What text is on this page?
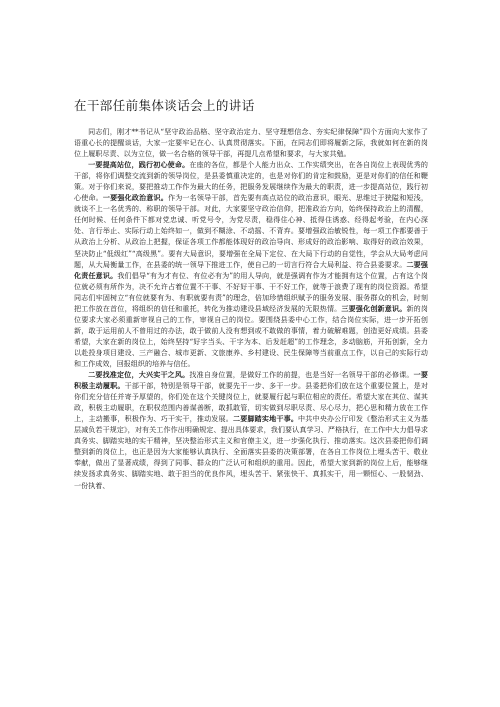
在干部任前集体谈话会上的讲话

同志们，刚才**书记从“坚守政治品格、坚守政治定力、坚守理想信念、夯实纪律保障”四个方面向大家作了语重心长的提醒谈话，大家一定要牢记在心、认真贯彻落实。下面，在同志们即将履新之际，我就如何在新的岗位上履职尽责、以为立位，做一名合格的领导干部，再提几点希望和要求，与大家共勉。

一要提高站位，践行初心使命。在座的各位，都是个人能力出众、工作实绩突出，在各自岗位上表现优秀的干部，将你们调整交流到新的领导岗位，是县委慎重决定的，也是对你们的肯定和鼓励，更是对你们的信任和鞭策。对于你们来说，要把推动工作作为最大的任务，把服务发展继续作为最大的职责，进一步提高站位，践行初心使命。一要强化政治意识。作为一名领导干部，首先要有高点站位的政治意识，眼光、思维过于狭隘和短浅，就谈不上一名优秀的、称职的领导干部。对此，大家要坚守政治信仰，把准政治方向，始终保持政治上的清醒，任何时候、任何条件下都对党忠诚、听党号令，为党尽责，稳得住心神、抵得住诱惑、经得起考验，在内心深处、言行举止、实际行动上始终如一，做到不糊涂、不动摇、不背弃。要增强政治敏锐性，每一项工作都要善于从政治上分析、从政治上把握，保证各项工作都能体现好的政治导向、形成好的政治影响、取得好的政治效果，坚决防止“低级红”“高级黑”。要有大局意识，要增强在全局下定位、在大局下行动的自觉性，学会从大局考虑问题，从大局衡量工作，在县委的统一领导下推进工作，使自己的一切言行符合大局利益、符合县委要求。二要强化责任意识。我们倡导“有为才有位、有位必有为”的用人导向，就是强调有作为才能拥有这个位置，占有这个岗位就必须有所作为，决不允许占着位置不干事、不好好干事、干不好工作，就等于浪费了现有的岗位资源。希望同志们牢固树立“有位就要有为、有职就要有责”的理念，倍加珍惜组织赋予的服务发展、服务群众的机会，时刻把工作放在首位，将组织的信任和重托，转化为推动建设县域经济发展的无限热情。三要强化创新意识。新的岗位要求大家必须重新审视自己的工作，审视自己的岗位。要围绕县委中心工作，结合岗位实际，进一步开拓创新，敢于运用前人不曾用过的办法，敢于做前人没有想到或不敢做的事情，着力破解难题，创造更好成绩。县委希望，大家在新的岗位上，始终坚持“好字当头、干字为本、后发赶超”的工作理念，多动脑筋，开拓创新，全力以赴投身项目建设、三产融合、城市更新、文旅康养、乡村建设、民生保障等当前重点工作，以自己的实际行动和工作成效，回报组织的培养与信任。

二要找准定位，大兴实干之风。找准自身位置，是做好工作的前提，也是当好一名领导干部的必修课。一要积极主动履职。干部干部，特别是领导干部，就要先干一步、多干一步。县委把你们放在这个重要位置上，是对你们充分信任并寄予厚望的，你们处在这个关键岗位上，就要履行起与职位相应的责任。希望大家在其位、谋其政，积极主动履职，在职权范围内善谋善断，敢抓敢管，切实做到尽职尽责、尽心尽力，把心思和精力放在工作上，主动搬事，积极作为、巧干实干，推动发展。二要脚踏实地干事。中共中央办公厅印发《整治形式主义为基层减负若干规定》，对有关工作作出明确规定、提出具体要求，我们要认真学习、严格执行，在工作中大力倡导求真务实、脚踏实地的实干精神，坚决整治形式主义和官僚主义，进一步强化执行、推动落实。这次县委把你们调整到新的岗位上，也正是因为大家能够认真执行、全面落实县委的决策部署，在各自工作岗位上埋头苦干、敬业奉献，做出了显著成绩，得到了同事、群众的广泛认可和组织的重用。因此，希望大家到新的岗位上后，能够继续发扬求真务实、脚踏实地、敢于担当的优良作风，埋头苦干、紧张快干、真抓实干，用一颗恒心、一股韧劲、一份执着、
